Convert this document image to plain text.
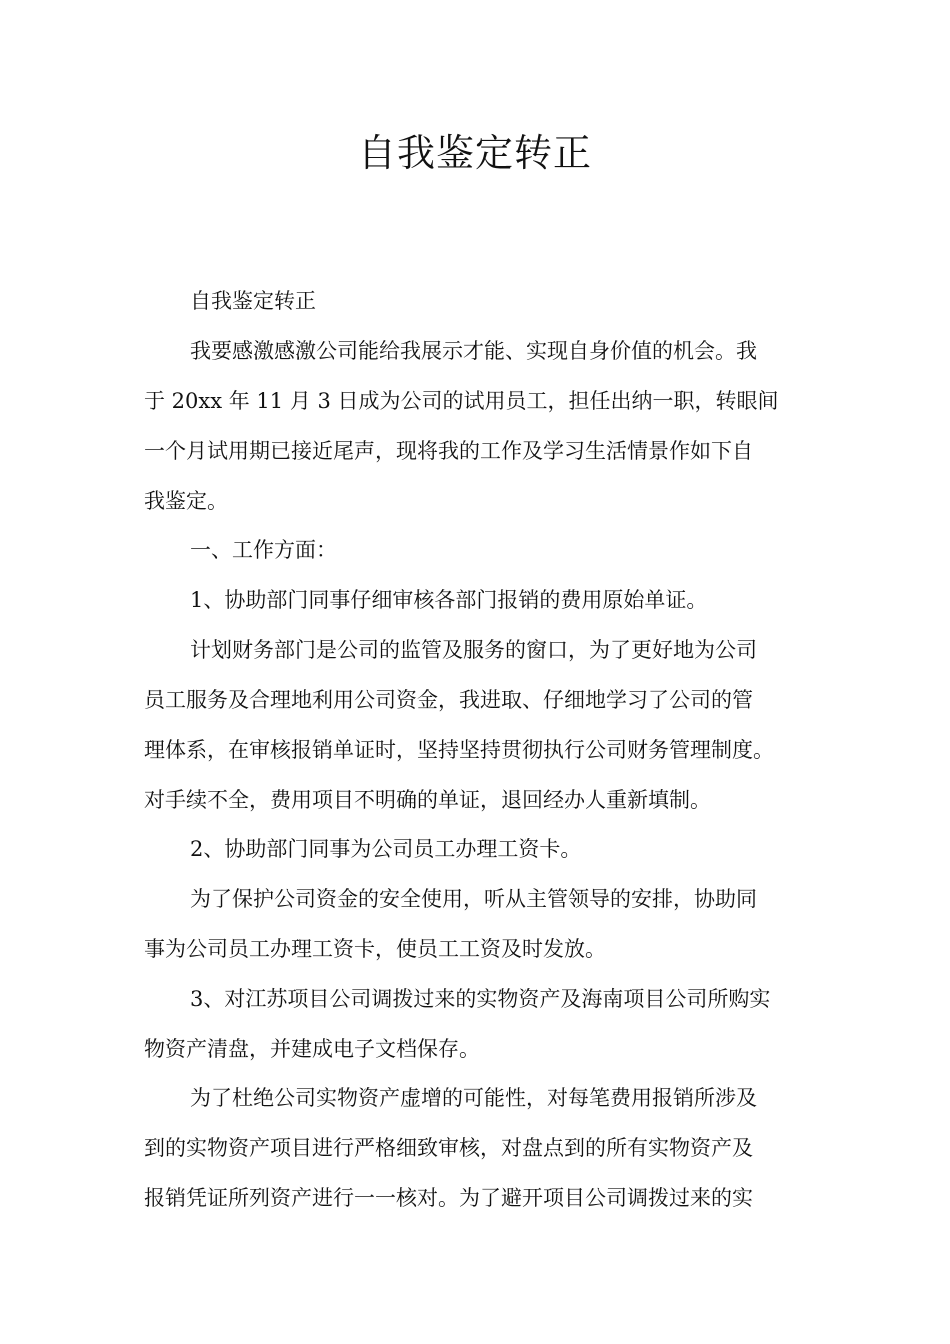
自我鉴定转正
自我鉴定转正
我要感激感激公司能给我展示才能、实现自身价值的机会。我
于 20xx 年 11 月 3 日成为公司的试用员工，担任出纳一职，转眼间
一个月试用期已接近尾声，现将我的工作及学习生活情景作如下自
我鉴定。
一、工作方面：
1、协助部门同事仔细审核各部门报销的费用原始单证。
计划财务部门是公司的监管及服务的窗口，为了更好地为公司
员工服务及合理地利用公司资金，我进取、仔细地学习了公司的管
理体系，在审核报销单证时，坚持坚持贯彻执行公司财务管理制度。
对手续不全，费用项目不明确的单证，退回经办人重新填制。
2、协助部门同事为公司员工办理工资卡。
为了保护公司资金的安全使用，听从主管领导的安排，协助同
事为公司员工办理工资卡，使员工工资及时发放。
3、对江苏项目公司调拨过来的实物资产及海南项目公司所购实
物资产清盘，并建成电子文档保存。
为了杜绝公司实物资产虚增的可能性，对每笔费用报销所涉及
到的实物资产项目进行严格细致审核，对盘点到的所有实物资产及
报销凭证所列资产进行一一核对。为了避开项目公司调拨过来的实
